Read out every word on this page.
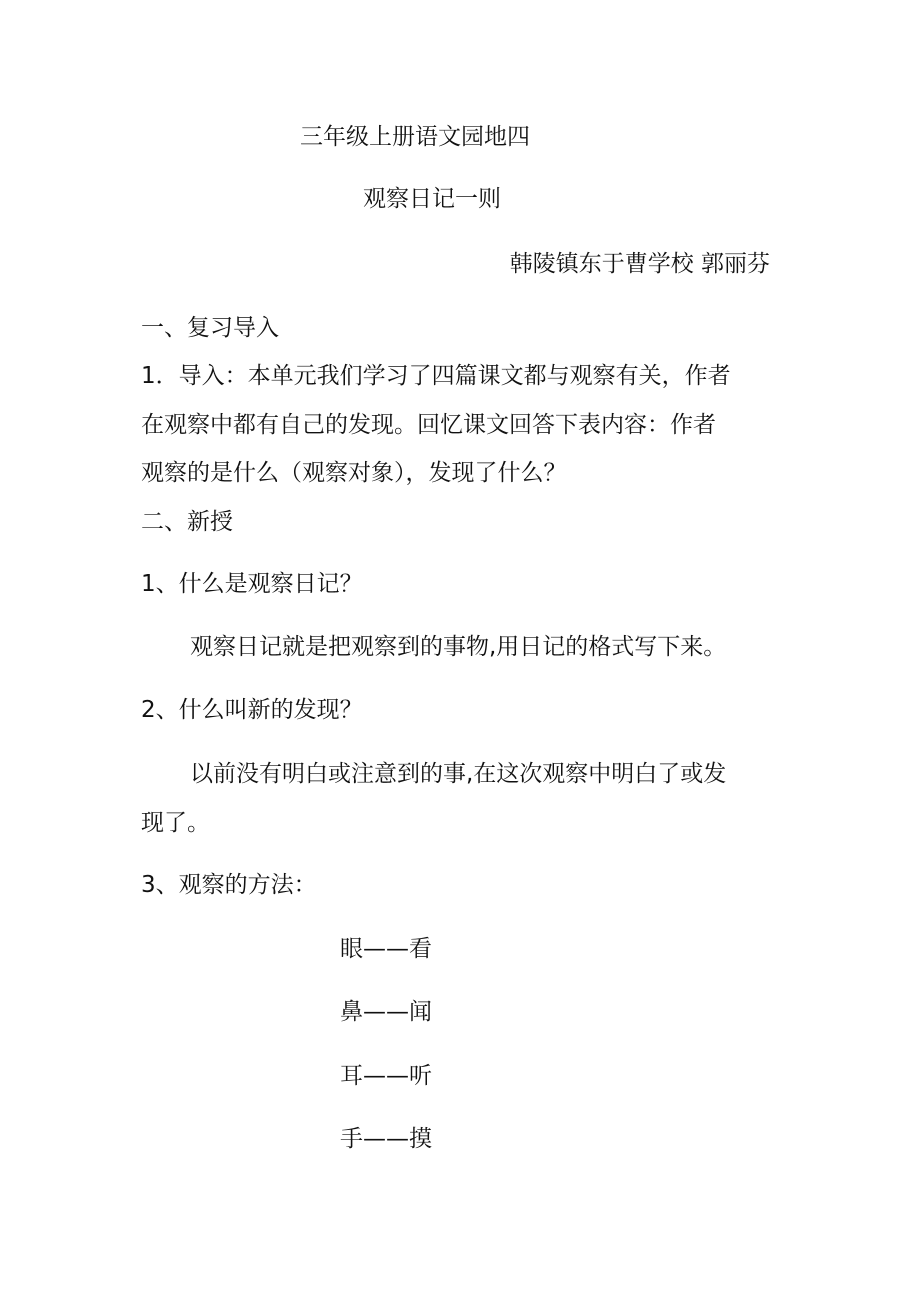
三年级上册语文园地四
观察日记一则
韩陵镇东于曹学校 郭丽芬
一、复习导入
1．导入：本单元我们学习了四篇课文都与观察有关，作者
在观察中都有自己的发现。回忆课文回答下表内容：作者
观察的是什么（观察对象），发现了什么？
二、新授
1、什么是观察日记？
观察日记就是把观察到的事物,用日记的格式写下来。
2、什么叫新的发现？
以前没有明白或注意到的事,在这次观察中明白了或发
现了。
3、观察的方法：
眼——看
鼻——闻
耳——听
手——摸
